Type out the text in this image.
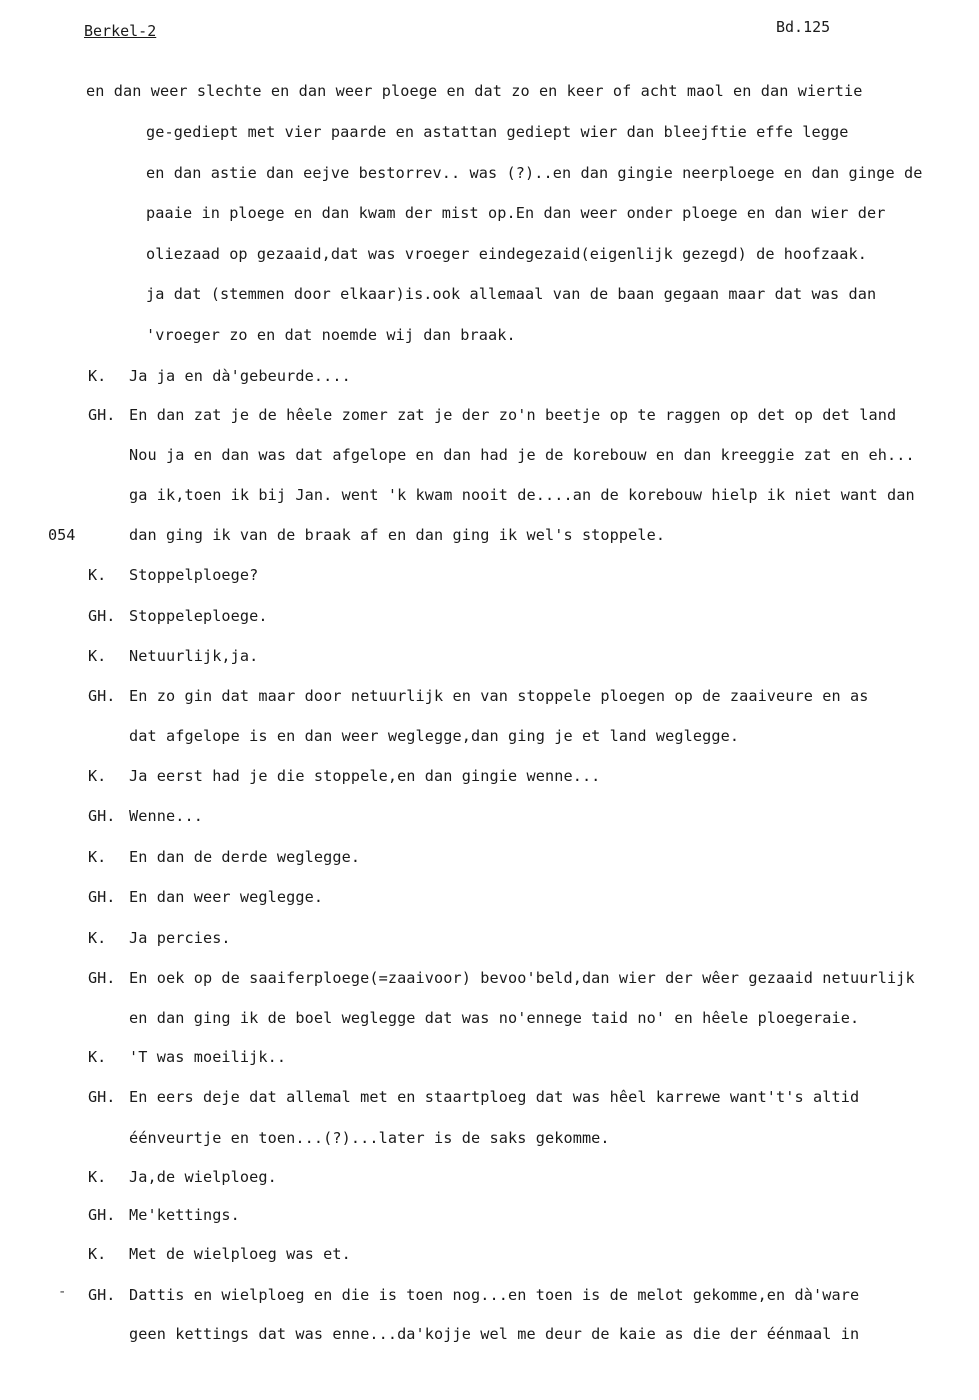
Berkel-2	Bd.125
054
-
en dan weer slechte en dan weer ploege en dat zo en keer of acht maol en dan wiertie
ge-gediept met vier paarde en astattan gediept wier dan bleejftie effe legge
en dan astie dan eejve bestorrev.. was (?)..en dan gingie neerploege en dan ginge de
paaie in ploege en dan kwam der mist op.En dan weer onder ploege en dan wier der
oliezaad op gezaaid,dat was vroeger eindegezaid(eigenlijk gezegd) de hoofzaak.
ja dat (stemmen door elkaar)is.ook allemaal van de baan gegaan maar dat was dan
'vroeger zo en dat noemde wij dan braak.
K. Ja ja en dà'gebeurde....
GH. En dan zat je de hêele zomer zat je der zo'n beetje op te raggen op det op det land
Nou ja en dan was dat afgelope en dan had je de korebouw en dan kreeggie zat en eh...
ga ik,toen ik bij Jan. went 'k kwam nooit de....an de korebouw hielp ik niet want dan
dan ging ik van de braak af en dan ging ik wel's stoppele.
K. Stoppelploege?
GH. Stoppeleploege.
K. Netuurlijk,ja.
GH. En zo gin dat maar door netuurlijk en van stoppele ploegen op de zaaiveure en as
dat afgelope is en dan weer weglegge,dan ging je et land weglegge.
K. Ja eerst had je die stoppele,en dan gingie wenne...
GH. Wenne...
K. En dan de derde weglegge.
GH. En dan weer weglegge.
K. Ja percies.
GH. En oek op de saaiferploege(=zaaivoor) bevoo'beld,dan wier der wêer gezaaid netuurlijk
en dan ging ik de boel weglegge dat was no'ennege taid no' en hêele ploegeraie.
K. 'T was moeilijk..
GH. En eers deje dat allemal met en staartploeg dat was hêel karrewe want't's altid
éénveurtje en toen...(?)...later is de saks gekomme.
K. Ja,de wielploeg.
GH. Me'kettings.
K. Met de wielploeg was et.
GH. Dattis en wielploeg en die is toen nog...en toen is de melot gekomme,en dà'ware
geen kettings dat was enne...da'kojje wel me deur de kaie as die der éénmaal in
